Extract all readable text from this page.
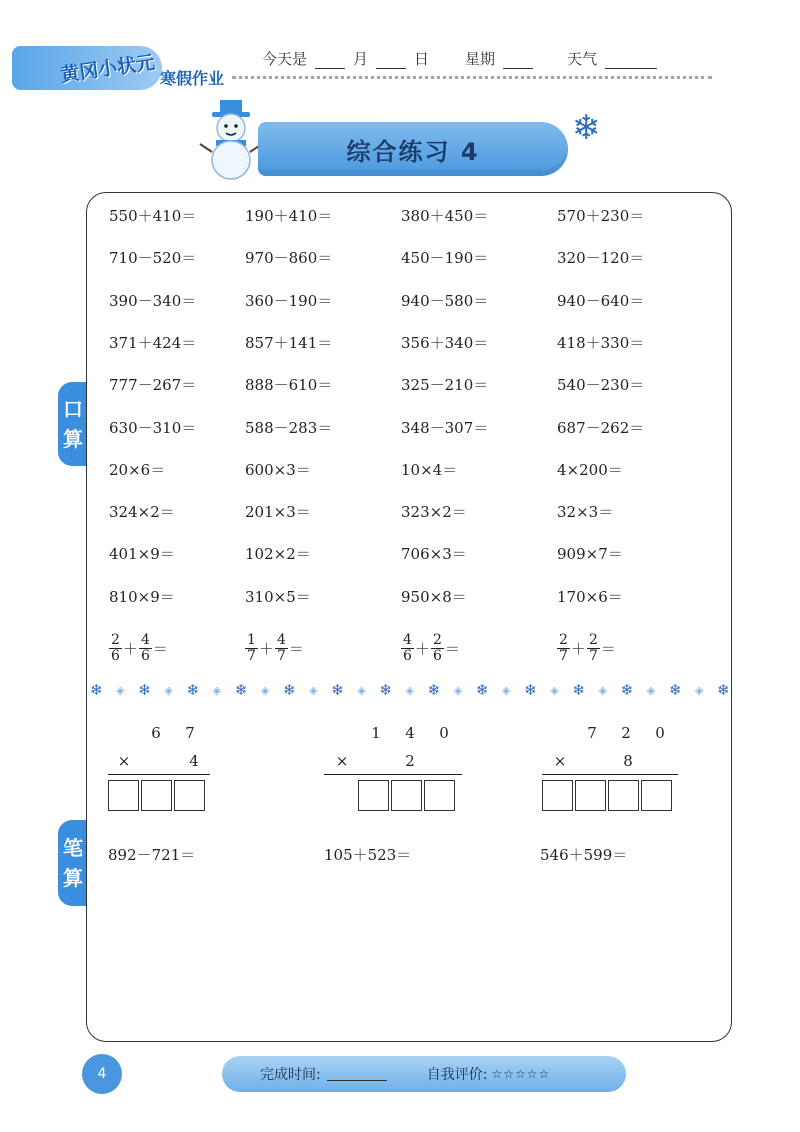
黄冈小状元 寒假作业
今天是	月	日 星期	天气
综合练习 4
❄
口
算
笔
算
550＋410＝	190＋410＝	380＋450＝	570＋230＝
710－520＝	970－860＝	450－190＝	320－120＝
390－340＝	360－190＝	940－580＝	940－640＝
371＋424＝	857＋141＝	356＋340＝	418＋330＝
777－267＝	888－610＝	325－210＝	540－230＝
630－310＝	588－283＝	348－307＝	687－262＝
20×6＝	600×3＝	10×4＝	4×200＝
324×2＝	201×3＝	323×2＝	32×3＝
401×9＝	102×2＝	706×3＝	909×7＝
810×9＝	310×5＝	950×8＝	170×6＝
$\frac{2}{6} + \frac{4}{6}$ ＝	$\frac{1}{7} + \frac{4}{7}$ ＝	$\frac{4}{6} + \frac{2}{6}$ ＝	$\frac{2}{7} + \frac{2}{7}$ ＝
❄ ◈ ❄ ◈ ❄ ◈ ❄ ◈ ❄ ◈ ❄ ◈ ❄ ◈ ❄ ◈ ❄ ◈ ❄ ◈ ❄ ◈ ❄ ◈ ❄ ◈ ❄
6	7
×	4
1	4	0
×	2
7	2	0
×	8
892－721＝	105＋523＝	546＋599＝
4	完成时间:	自我评价: ☆☆☆☆☆
